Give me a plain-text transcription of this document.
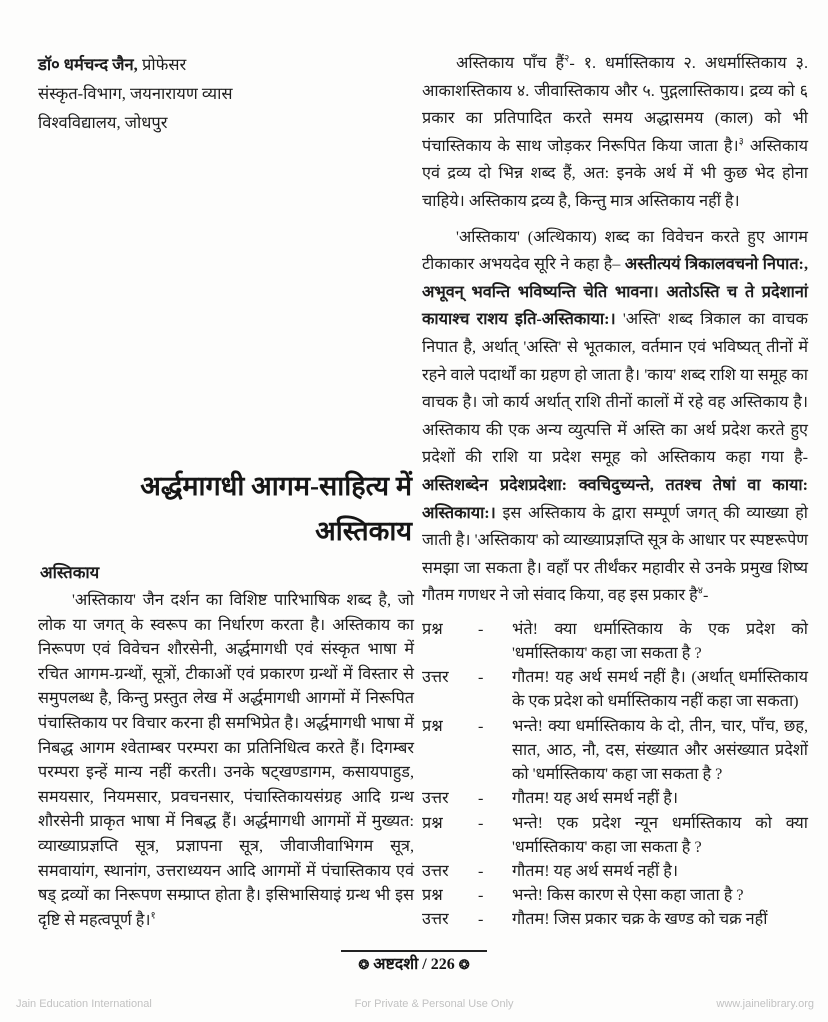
डॉ० धर्मचन्द जैन, प्रोफेसर
संस्कृत-विभाग, जयनारायण व्यास
विश्वविद्यालय, जोधपुर

अस्तिकाय पाँच हैं$^२$- १. धर्मास्तिकाय २. अधर्मास्तिकाय ३. आकाशस्तिकाय ४. जीवास्तिकाय और ५. पुद्गलास्तिकाय। द्रव्य को ६ प्रकार का प्रतिपादित करते समय अद्धासमय (काल) को भी पंचास्तिकाय के साथ जोड़कर निरूपित किया जाता है।$^३$ अस्तिकाय एवं द्रव्य दो भिन्न शब्द हैं, अत: इनके अर्थ में भी कुछ भेद होना चाहिये। अस्तिकाय द्रव्य है, किन्तु मात्र अस्तिकाय नहीं है।

'अस्तिकाय' (अत्थिकाय) शब्द का विवेचन करते हुए आगम टीकाकार अभयदेव सूरि ने कहा है– अस्तीत्ययं त्रिकालवचनो निपात:, अभूवन् भवन्ति भविष्यन्ति चेति भावना। अतोऽस्ति च ते प्रदेशानां कायाश्च राशय इति-अस्तिकाया:। 'अस्ति' शब्द त्रिकाल का वाचक निपात है, अर्थात् 'अस्ति' से भूतकाल, वर्तमान एवं भविष्यत् तीनों में रहने वाले पदार्थों का ग्रहण हो जाता है। 'काय' शब्द राशि या समूह का वाचक है। जो कार्य अर्थात् राशि तीनों कालों में रहे वह अस्तिकाय है। अस्तिकाय की एक अन्य व्युत्पत्ति में अस्ति का अर्थ प्रदेश करते हुए प्रदेशों की राशि या प्रदेश समूह को अस्तिकाय कहा गया है- अस्तिशब्देन प्रदेशप्रदेशा: क्वचिदुच्यन्ते, ततश्च तेषां वा काया: अस्तिकाया:। इस अस्तिकाय के द्वारा सम्पूर्ण जगत् की व्याख्या हो जाती है। 'अस्तिकाय' को व्याख्याप्रज्ञप्ति सूत्र के आधार पर स्पष्टरूपेण समझा जा सकता है। वहाँ पर तीर्थंकर महावीर से उनके प्रमुख शिष्य गौतम गणधर ने जो संवाद किया, वह इस प्रकार है$^४$-

प्रश्न	-	भंते! क्या धर्मास्तिकाय के एक प्रदेश को 'धर्मास्तिकाय' कहा जा सकता है ?
उत्तर	-	गौतम! यह अर्थ समर्थ नहीं है। (अर्थात् धर्मास्तिकाय के एक प्रदेश को धर्मास्तिकाय नहीं कहा जा सकता)
प्रश्न	-	भन्ते! क्या धर्मास्तिकाय के दो, तीन, चार, पाँच, छह, सात, आठ, नौ, दस, संख्यात और असंख्यात प्रदेशों को 'धर्मास्तिकाय' कहा जा सकता है ?
उत्तर	-	गौतम! यह अर्थ समर्थ नहीं है।
प्रश्न	-	भन्ते! एक प्रदेश न्यून धर्मास्तिकाय को क्या 'धर्मास्तिकाय' कहा जा सकता है ?
उत्तर	-	गौतम! यह अर्थ समर्थ नहीं है।
प्रश्न	-	भन्ते! किस कारण से ऐसा कहा जाता है ?
उत्तर	-	गौतम! जिस प्रकार चक्र के खण्ड को चक्र नहीं
अर्द्धमागधी आगम-साहित्य में
अस्तिकाय
अस्तिकाय

'अस्तिकाय' जैन दर्शन का विशिष्ट पारिभाषिक शब्द है, जो लोक या जगत् के स्वरूप का निर्धारण करता है। अस्तिकाय का निरूपण एवं विवेचन शौरसेनी, अर्द्धमागधी एवं संस्कृत भाषा में रचित आगम-ग्रन्थों, सूत्रों, टीकाओं एवं प्रकारण ग्रन्थों में विस्तार से समुपलब्ध है, किन्तु प्रस्तुत लेख में अर्द्धमागधी आगमों में निरूपित पंचास्तिकाय पर विचार करना ही समभिप्रेत है। अर्द्धमागधी भाषा में निबद्ध आगम श्वेताम्बर परम्परा का प्रतिनिधित्व करते हैं। दिगम्बर परम्परा इन्हें मान्य नहीं करती। उनके षट्खण्डागम, कसायपाहुड, समयसार, नियमसार, प्रवचनसार, पंचास्तिकायसंग्रह आदि ग्रन्थ शौरसेनी प्राकृत भाषा में निबद्ध हैं। अर्द्धमागधी आगमों में मुख्यत: व्याख्याप्रज्ञप्ति सूत्र, प्रज्ञापना सूत्र, जीवाजीवाभिगम सूत्र, समवायांग, स्थानांग, उत्तराध्ययन आदि आगमों में पंचास्तिकाय एवं षड् द्रव्यों का निरूपण सम्प्राप्त होता है। इसिभासियाइं ग्रन्थ भी इस दृष्टि से महत्वपूर्ण है।$^१$

❂ अष्टदशी / 226 ❂
Jain Education International	For Private & Personal Use Only	www.jainelibrary.org
